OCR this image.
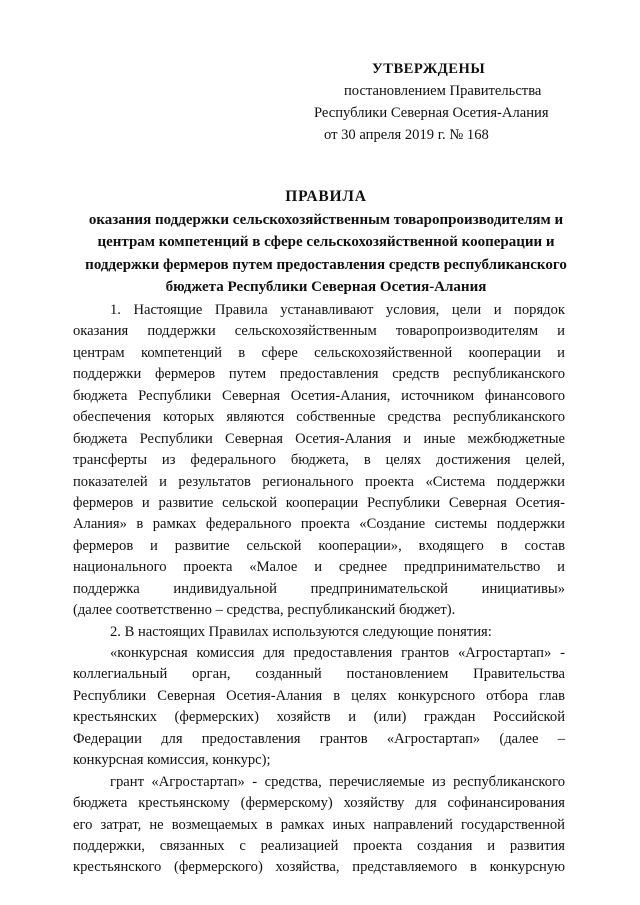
УТВЕРЖДЕНЫ
постановлением Правительства
Республики Северная Осетия-Алания
от 30 апреля 2019 г. № 168
ПРАВИЛА
оказания поддержки сельскохозяйственным товаропроизводителям и
центрам компетенций в сфере сельскохозяйственной кооперации и
поддержки фермеров путем предоставления средств республиканского
бюджета Республики Северная Осетия-Алания
1. Настоящие Правила устанавливают условия, цели и порядок
оказания поддержки сельскохозяйственным товаропроизводителям и
центрам компетенций в сфере сельскохозяйственной кооперации и
поддержки фермеров путем предоставления средств республиканского
бюджета Республики Северная Осетия-Алания, источником финансового
обеспечения которых являются собственные средства республиканского
бюджета Республики Северная Осетия-Алания и иные межбюджетные
трансферты из федерального бюджета, в целях достижения целей,
показателей и результатов регионального проекта «Система поддержки
фермеров и развитие сельской кооперации Республики Северная Осетия-
Алания» в рамках федерального проекта «Создание системы поддержки
фермеров и развитие сельской кооперации», входящего в состав
национального проекта «Малое и среднее предпринимательство и
поддержка индивидуальной предпринимательской инициативы»
(далее соответственно – средства, республиканский бюджет).
2. В настоящих Правилах используются следующие понятия:
«конкурсная комиссия для предоставления грантов «Агростартап» -
коллегиальный орган, созданный постановлением Правительства
Республики Северная Осетия-Алания в целях конкурсного отбора глав
крестьянских (фермерских) хозяйств и (или) граждан Российской
Федерации для предоставления грантов «Агростартап» (далее –
конкурсная комиссия, конкурс);
грант «Агростартап» - средства, перечисляемые из республиканского
бюджета крестьянскому (фермерскому) хозяйству для софинансирования
его затрат, не возмещаемых в рамках иных направлений государственной
поддержки, связанных с реализацией проекта создания и развития
крестьянского (фермерского) хозяйства, представляемого в конкурсную
